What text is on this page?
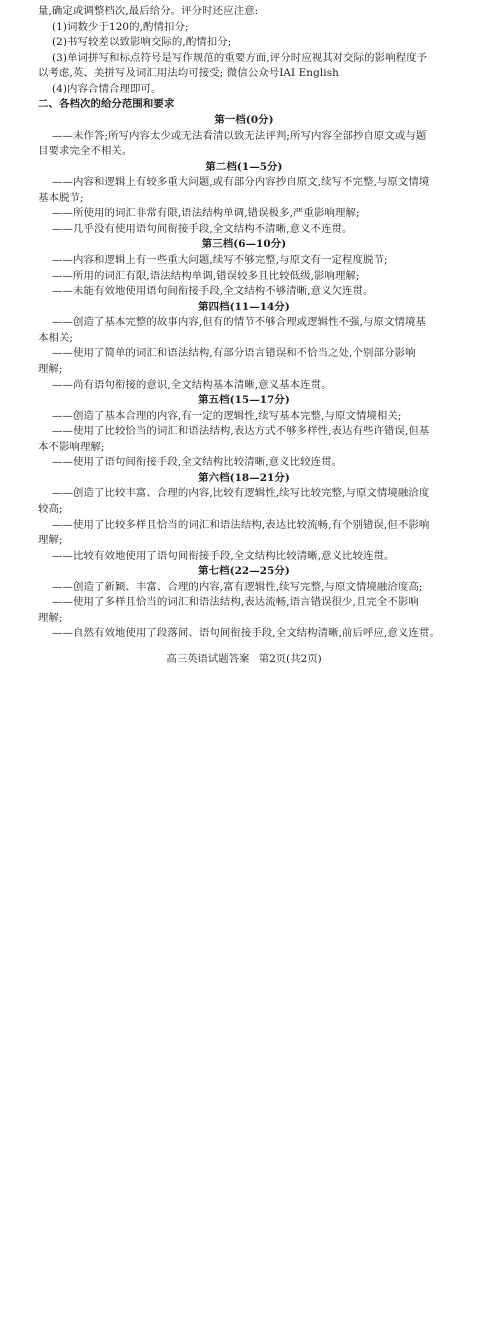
量,确定或调整档次,最后给分。评分时还应注意:
(1)词数少于120的,酌情扣分;
(2)书写较差以致影响交际的,酌情扣分;
(3)单词拼写和标点符号是写作规范的重要方面,评分时应视其对交际的影响程度予
以考虑,英、美拼写及词汇用法均可接受; 微信公众号IAI English
(4)内容合情合理即可。
二、各档次的给分范围和要求
第一档(0分)
——未作答;所写内容太少或无法看清以致无法评判;所写内容全部抄自原文或与题
目要求完全不相关。
第二档(1—5分)
——内容和逻辑上有较多重大问题,或有部分内容抄自原文,续写不完整,与原文情境
基本脱节;
——所使用的词汇非常有限,语法结构单调,错误极多,严重影响理解;
——几乎没有使用语句间衔接手段,全文结构不清晰,意义不连贯。
第三档(6—10分)
——内容和逻辑上有一些重大问题,续写不够完整,与原文有一定程度脱节;
——所用的词汇有限,语法结构单调,错误较多且比较低级,影响理解;
——未能有效地使用语句间衔接手段,全文结构不够清晰,意义欠连贯。
第四档(11—14分)
——创造了基本完整的故事内容,但有的情节不够合理或逻辑性不强,与原文情境基
本相关;
——使用了简单的词汇和语法结构,有部分语言错误和不恰当之处,个别部分影响
理解;
——尚有语句衔接的意识,全文结构基本清晰,意义基本连贯。
第五档(15—17分)
——创造了基本合理的内容,有一定的逻辑性,续写基本完整,与原文情境相关;
——使用了比较恰当的词汇和语法结构,表达方式不够多样性,表达有些许错误,但基
本不影响理解;
——使用了语句间衔接手段,全文结构比较清晰,意义比较连贯。
第六档(18—21分)
——创造了比较丰富、合理的内容,比较有逻辑性,续写比较完整,与原文情境融洽度
较高;
——使用了比较多样且恰当的词汇和语法结构,表达比较流畅,有个别错误,但不影响
理解;
——比较有效地使用了语句间衔接手段,全文结构比较清晰,意义比较连贯。
第七档(22—25分)
——创造了新颖、丰富、合理的内容,富有逻辑性,续写完整,与原文情境融洽度高;
高三英语试题答案 第2页(共2页)
——使用了多样且恰当的词汇和语法结构,表达流畅,语言错误很少,且完全不影响
理解;
——自然有效地使用了段落间、语句间衔接手段,全文结构清晰,前后呼应,意义连贯。
